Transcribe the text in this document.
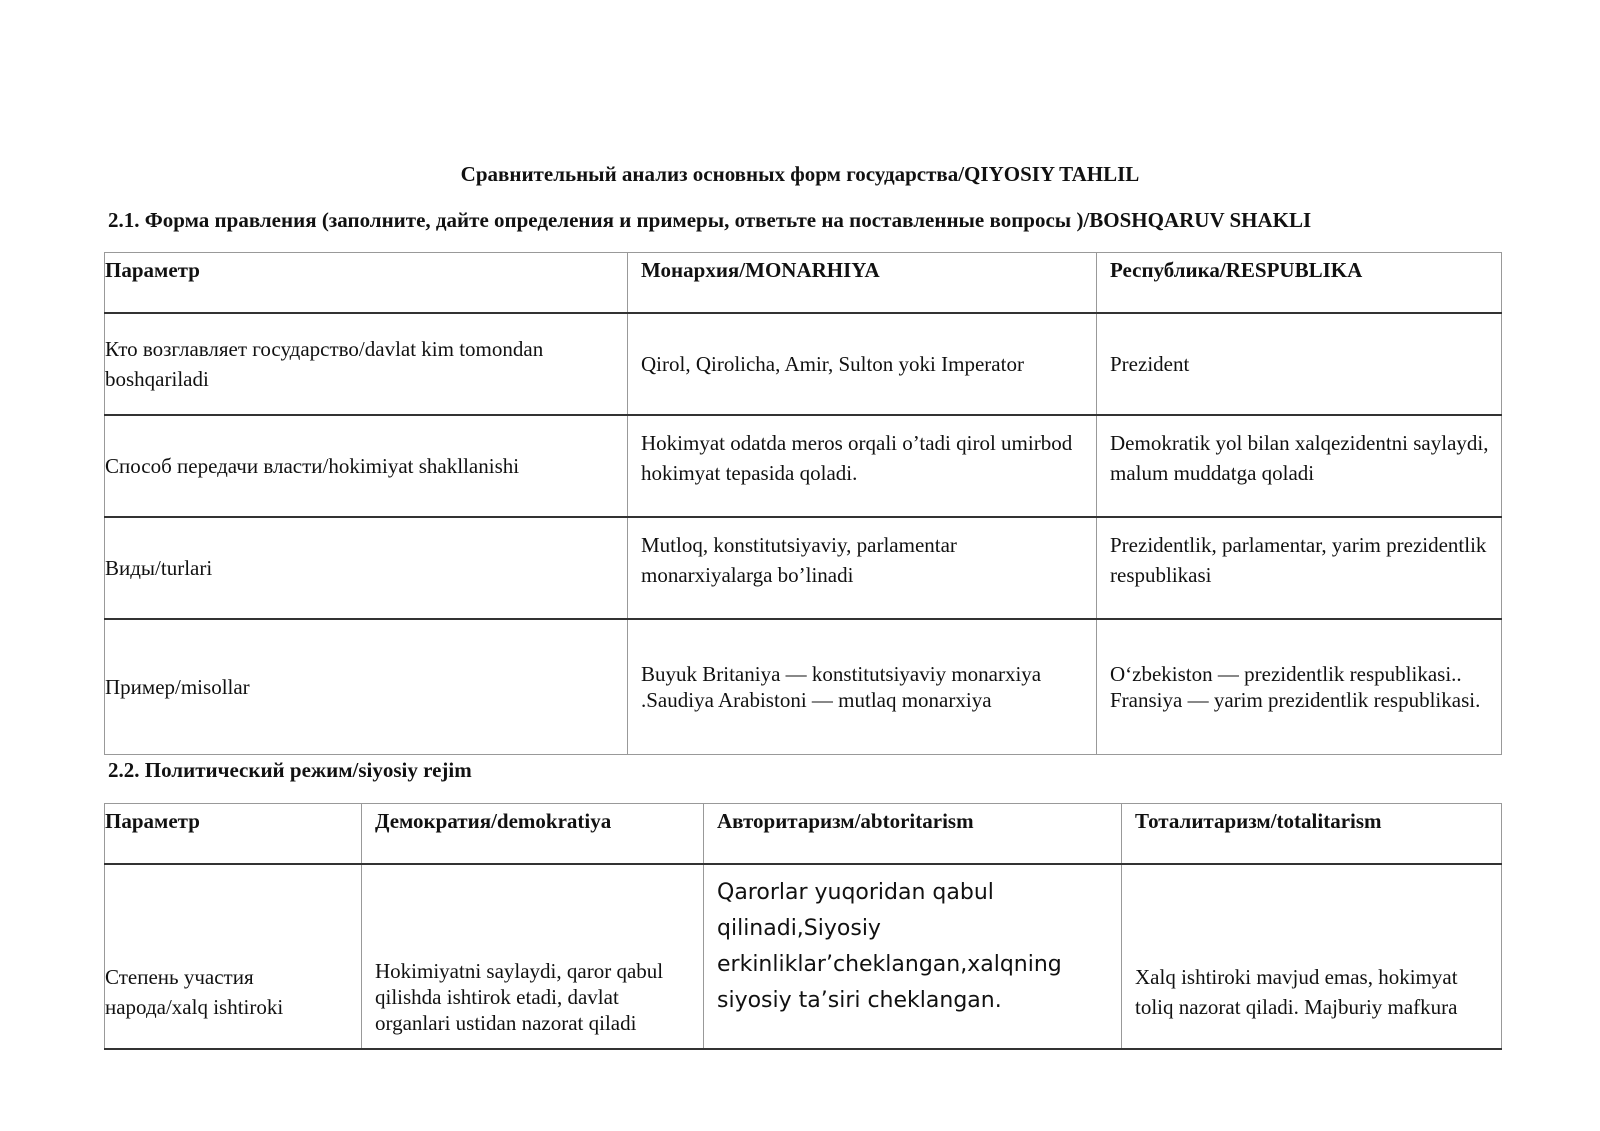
Сравнительный анализ основных форм государства/QIYOSIY TAHLIL

2.1. Форма правления (заполните, дайте определения и примеры, ответьте на поставленные вопросы )/BOSHQARUV SHAKLI

Параметр	Монархия/MONARHIYA	Республика/RESPUBLIKA
Кто возглавляет государство/davlat kim tomondan boshqariladi	Qirol, Qirolicha, Amir, Sulton yoki Imperator	Prezident
Способ передачи власти/hokimiyat shakllanishi	Hokimyat odatda meros orqali o’tadi qirol umirbod hokimyat tepasida qoladi.	Demokratik yol bilan xalqezidentni saylaydi, malum muddatga qoladi
Виды/turlari	Mutloq, konstitutsiyaviy, parlamentar monarxiyalarga bo’linadi	Prezidentlik, parlamentar, yarim prezidentlik respublikasi
Пример/misollar	Buyuk Britaniya — konstitutsiyaviy monarxiya .Saudiya Arabistoni — mutlaq monarxiya	O‘zbekiston — prezidentlik respublikasi.. Fransiya — yarim prezidentlik respublikasi.

2.2. Политический режим/siyosiy rejim

Параметр	Демократия/demokratiya	Авторитаризм/abtoritarism	Тоталитаризм/totalitarism
Степень участия народа/xalq ishtiroki	Hokimiyatni saylaydi, qaror qabul qilishda ishtirok etadi, davlat organlari ustidan nazorat qiladi	Qarorlar yuqoridan qabul qilinadi,Siyosiy erkinliklar’cheklangan,xalqning siyosiy ta’siri cheklangan.	Xalq ishtiroki mavjud emas, hokimyat toliq nazorat qiladi. Majburiy mafkura
